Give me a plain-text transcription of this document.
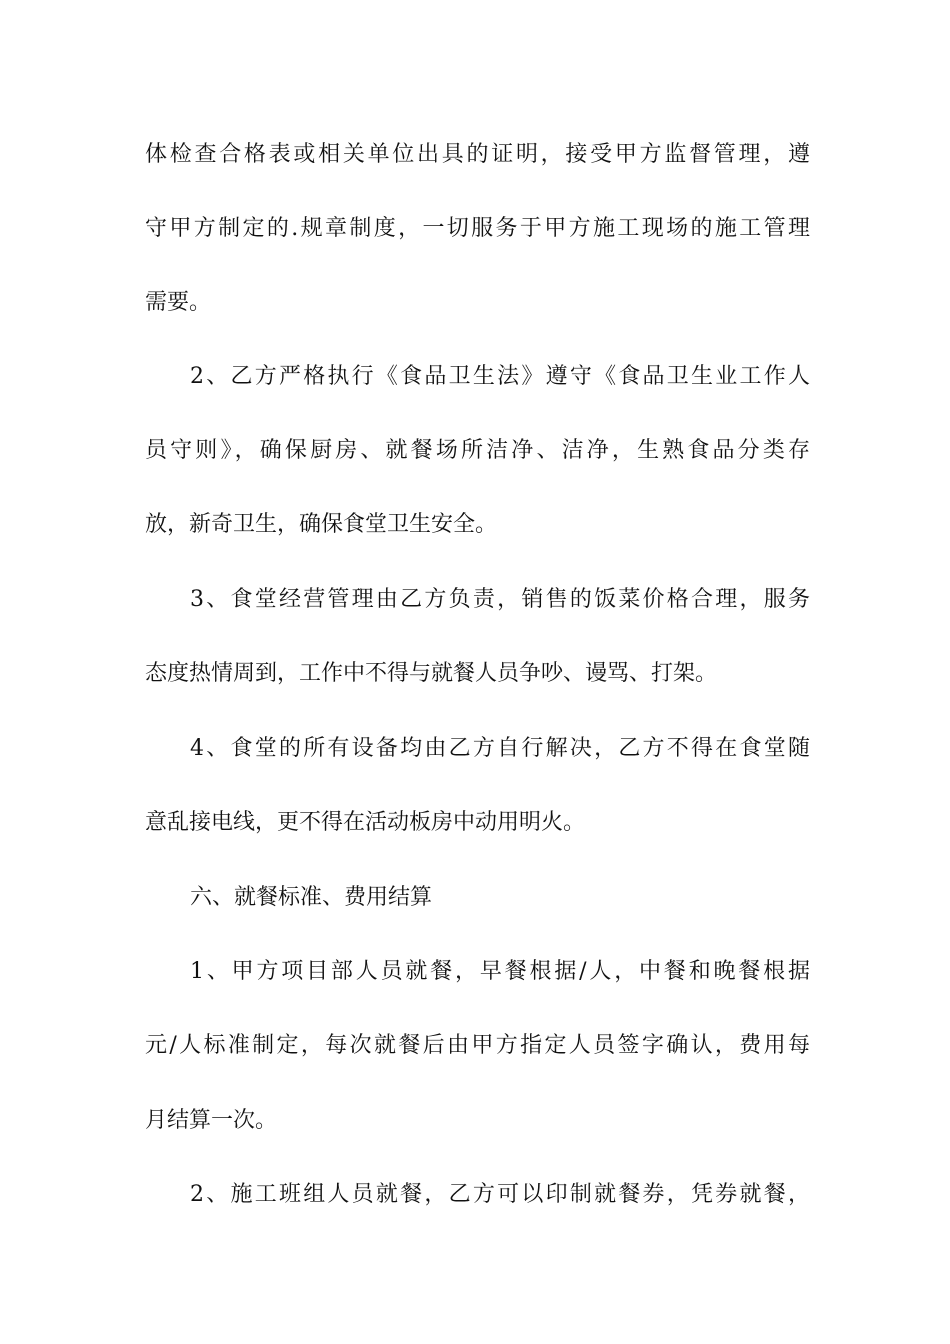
体检查合格表或相关单位出具的证明，接受甲方监督管理，遵
守甲方制定的.规章制度，一切服务于甲方施工现场的施工管理
需要。
2、乙方严格执行《食品卫生法》遵守《食品卫生业工作人
员守则》，确保厨房、就餐场所洁净、洁净，生熟食品分类存
放，新奇卫生，确保食堂卫生安全。
3、食堂经营管理由乙方负责，销售的饭菜价格合理，服务
态度热情周到，工作中不得与就餐人员争吵、谩骂、打架。
4、食堂的所有设备均由乙方自行解决，乙方不得在食堂随
意乱接电线，更不得在活动板房中动用明火。
六、就餐标准、费用结算
1、甲方项目部人员就餐，早餐根据/人，中餐和晚餐根据
元/人标准制定，每次就餐后由甲方指定人员签字确认，费用每
月结算一次。
2、施工班组人员就餐，乙方可以印制就餐券，凭券就餐，
